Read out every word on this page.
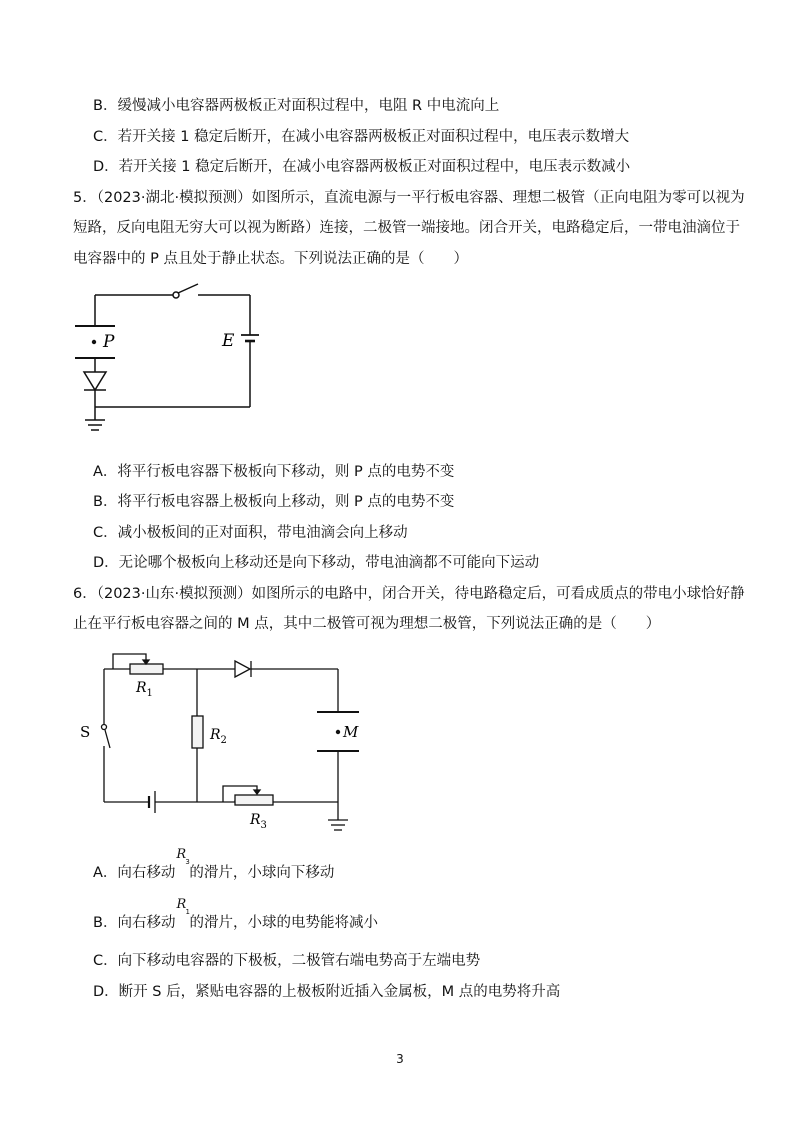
B．缓慢减小电容器两极板正对面积过程中，电阻 R 中电流向上
C．若开关接 1 稳定后断开，在减小电容器两极板正对面积过程中，电压表示数增大
D．若开关接 1 稳定后断开，在减小电容器两极板正对面积过程中，电压表示数减小
5．（2023·湖北·模拟预测）如图所示，直流电源与一平行板电容器、理想二极管（正向电阻为零可以视为
短路，反向电阻无穷大可以视为断路）连接，二极管一端接地。闭合开关，电路稳定后，一带电油滴位于
电容器中的 P 点且处于静止状态。下列说法正确的是（　　）
P	E
A．将平行板电容器下极板向下移动，则 P 点的电势不变
B．将平行板电容器上极板向上移动，则 P 点的电势不变
C．减小极板间的正对面积，带电油滴会向上移动
D．无论哪个极板向上移动还是向下移动，带电油滴都不可能向下运动
6．（2023·山东·模拟预测）如图所示的电路中，闭合开关，待电路稳定后，可看成质点的带电小球恰好静
止在平行板电容器之间的 M 点，其中二极管可视为理想二极管，下列说法正确的是（　　）
M
S
$R_1$
$R_2$
$R_3$
A．向右移动
R 3
的滑片，小球向下移动
B．向右移动
R 1
的滑片，小球的电势能将减小
C．向下移动电容器的下极板，二极管右端电势高于左端电势
D．断开 S 后，紧贴电容器的上极板附近插入金属板，M 点的电势将升高
3
